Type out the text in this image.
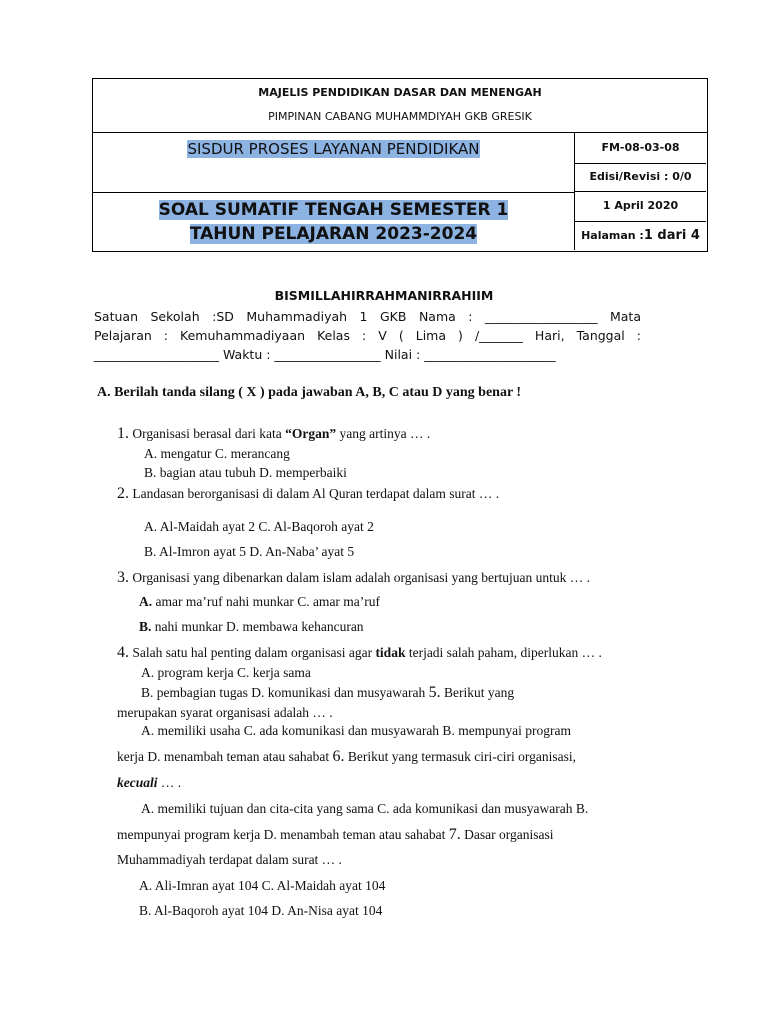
MAJELIS PENDIDIKAN DASAR DAN MENENGAH
PIMPINAN CABANG MUHAMMDIYAH GKB GRESIK
SISDUR PROSES LAYANAN PENDIDIKAN
SOAL SUMATIF TENGAH SEMESTER 1
TAHUN PELAJARAN 2023-2024
FM-08-03-08
Edisi/Revisi : 0/0
1 April 2020
Halaman :1 dari 4
BISMILLAHIRRAHMANIRRAHIIM
Satuan Sekolah :SD Muhammadiyah 1 GKB Nama : __________________ Mata
Pelajaran : Kemuhammadiyaan Kelas : V ( Lima ) /_______ Hari, Tanggal :
____________________ Waktu : _________________ Nilai : _____________________
A. Berilah tanda silang ( X ) pada jawaban A, B, C atau D yang benar !
1. Organisasi berasal dari kata “Organ” yang artinya … .
A. mengatur C. merancang
B. bagian atau tubuh D. memperbaiki
2. Landasan berorganisasi di dalam Al Quran terdapat dalam surat … .
A. Al-Maidah ayat 2 C. Al-Baqoroh ayat 2
B. Al-Imron ayat 5 D. An-Naba’ ayat 5
3. Organisasi yang dibenarkan dalam islam adalah organisasi yang bertujuan untuk … .
A. amar ma’ruf nahi munkar C. amar ma’ruf
B. nahi munkar D. membawa kehancuran
4. Salah satu hal penting dalam organisasi agar tidak terjadi salah paham, diperlukan … .
A. program kerja C. kerja sama
B. pembagian tugas D. komunikasi dan musyawarah 5. Berikut yang
merupakan syarat organisasi adalah … .
A. memiliki usaha C. ada komunikasi dan musyawarah B. mempunyai program
kerja D. menambah teman atau sahabat 6. Berikut yang termasuk ciri-ciri organisasi,
kecuali … .
A. memiliki tujuan dan cita-cita yang sama C. ada komunikasi dan musyawarah B.
mempunyai program kerja D. menambah teman atau sahabat 7. Dasar organisasi
Muhammadiyah terdapat dalam surat … .
A. Ali-Imran ayat 104 C. Al-Maidah ayat 104
B. Al-Baqoroh ayat 104 D. An-Nisa ayat 104
